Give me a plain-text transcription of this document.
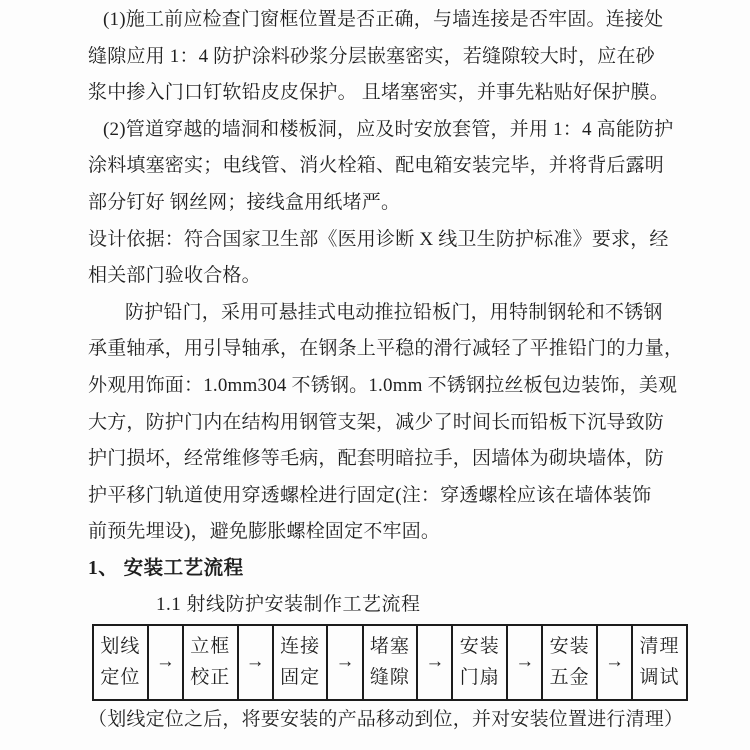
(1)施工前应检查门窗框位置是否正确，与墙连接是否牢固。连接处
缝隙应用 1：4 防护涂料砂浆分层嵌塞密实，若缝隙较大时，应在砂
浆中掺入门口钉软铅皮皮保护。 且堵塞密实，并事先粘贴好保护膜。
(2)管道穿越的墙洞和楼板洞，应及时安放套管，并用 1：4 高能防护
涂料填塞密实；电线管、消火栓箱、配电箱安装完毕，并将背后露明
部分钉好 钢丝网；接线盒用纸堵严。
设计依据：符合国家卫生部《医用诊断 X 线卫生防护标准》要求，经
相关部门验收合格。
防护铅门，采用可悬挂式电动推拉铅板门，用特制钢轮和不锈钢
承重轴承，用引导轴承，在钢条上平稳的滑行减轻了平推铅门的力量，
外观用饰面：1.0mm304 不锈钢。1.0mm 不锈钢拉丝板包边装饰，美观
大方，防护门内在结构用钢管支架，减少了时间长而铅板下沉导致防
护门损坏，经常维修等毛病，配套明暗拉手，因墙体为砌块墙体，防
护平移门轨道使用穿透螺栓进行固定(注：穿透螺栓应该在墙体装饰
前预先埋设)，避免膨胀螺栓固定不牢固。
1、 安装工艺流程
1.1 射线防护安装制作工艺流程
划线
定位
	→	
立框
校正
	→	
连接
固定
	→	
堵塞
缝隙
	→	
安装
门扇
	→	
安装
五金
	→	
清理
调试
（划线定位之后，将要安装的产品移动到位，并对安装位置进行清理）
